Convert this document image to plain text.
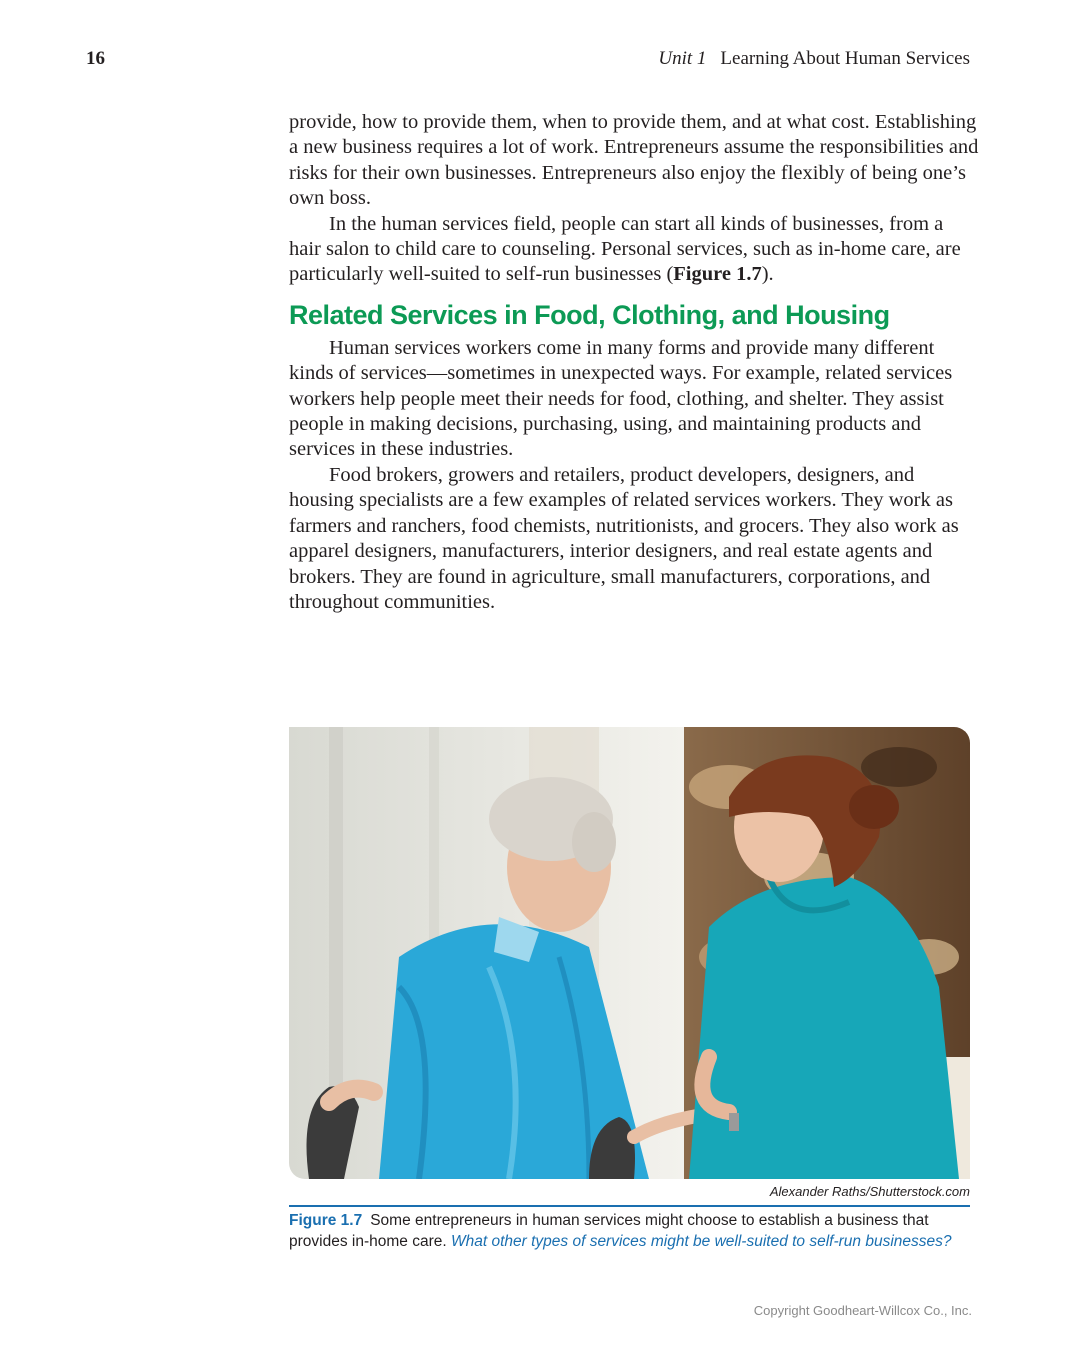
16	Unit 1 Learning About Human Services

provide, how to provide them, when to provide them, and at what cost. Establishing a new business requires a lot of work. Entrepreneurs assume the responsibilities and risks for their own businesses. Entrepreneurs also enjoy the flexibly of being one’s own boss.

In the human services field, people can start all kinds of businesses, from a hair salon to child care to counseling. Personal services, such as in-home care, are particularly well-suited to self-run businesses (Figure 1.7).

Related Services in Food, Clothing, and Housing

Human services workers come in many forms and provide many different kinds of services—sometimes in unexpected ways. For example, related services workers help people meet their needs for food, clothing, and shelter. They assist people in making decisions, purchasing, using, and maintaining products and services in these industries.

Food brokers, growers and retailers, product developers, designers, and housing specialists are a few examples of related services workers. They work as farmers and ranchers, food chemists, nutritionists, and grocers. They also work as apparel designers, manufacturers, interior designers, and real estate agents and brokers. They are found in agriculture, small manufacturers, corporations, and throughout communities.

Alexander Raths/Shutterstock.com
Figure 1.7 Some entrepreneurs in human services might choose to establish a business that provides in-home care. What other types of services might be well-suited to self-run businesses?
Copyright Goodheart-Willcox Co., Inc.
